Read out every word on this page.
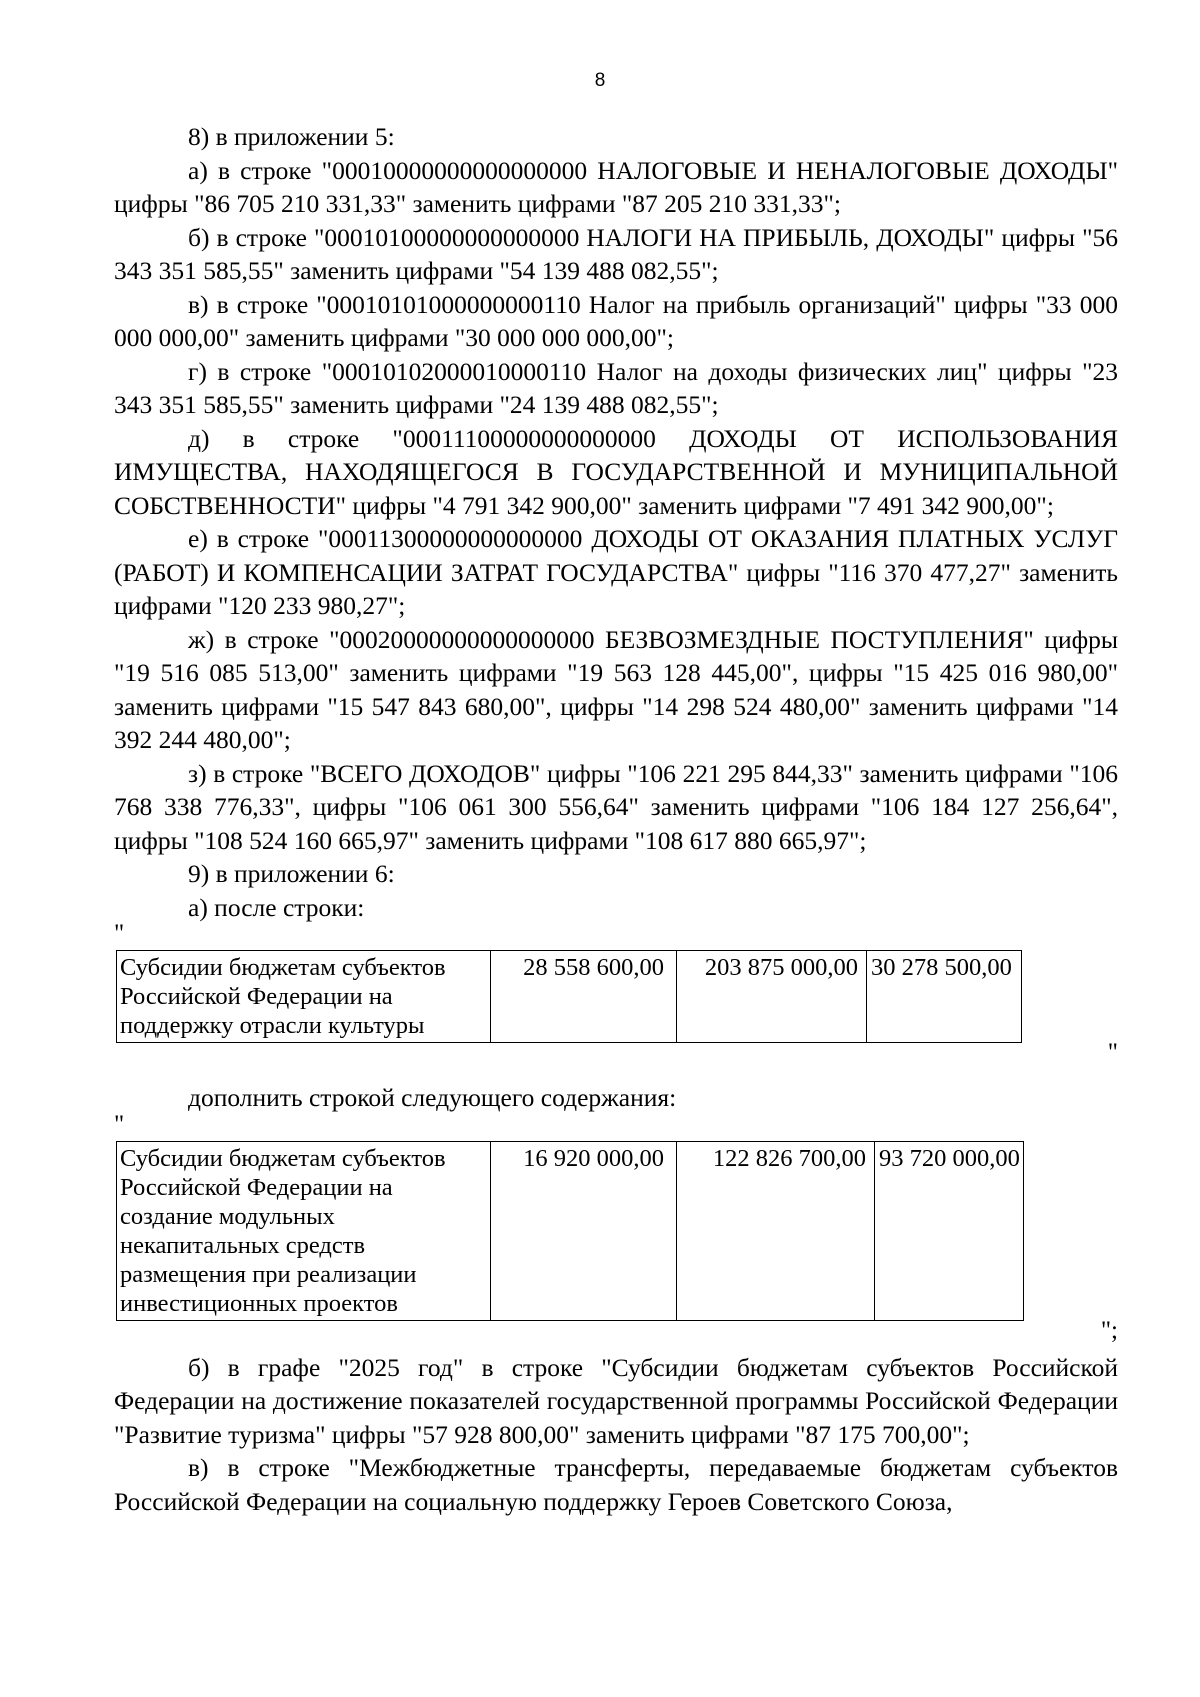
8

8) в приложении 5:

а) в строке "00010000000000000000 НАЛОГОВЫЕ И НЕНАЛОГОВЫЕ ДОХОДЫ" цифры "86 705 210 331,33" заменить цифрами "87 205 210 331,33";

б) в строке "00010100000000000000 НАЛОГИ НА ПРИБЫЛЬ, ДОХОДЫ" цифры "56 343 351 585,55" заменить цифрами "54 139 488 082,55";

в) в строке "00010101000000000110 Налог на прибыль организаций" цифры "33 000 000 000,00" заменить цифрами "30 000 000 000,00";

г) в строке "00010102000010000110 Налог на доходы физических лиц" цифры "23 343 351 585,55" заменить цифрами "24 139 488 082,55";

д) в строке "00011100000000000000 ДОХОДЫ ОТ ИСПОЛЬЗОВАНИЯ ИМУЩЕСТВА, НАХОДЯЩЕГОСЯ В ГОСУДАРСТВЕННОЙ И МУНИЦИПАЛЬНОЙ СОБСТВЕННОСТИ" цифры "4 791 342 900,00" заменить цифрами "7 491 342 900,00";

е) в строке "00011300000000000000 ДОХОДЫ ОТ ОКАЗАНИЯ ПЛАТНЫХ УСЛУГ (РАБОТ) И КОМПЕНСАЦИИ ЗАТРАТ ГОСУДАРСТВА" цифры "116 370 477,27" заменить цифрами "120 233 980,27";

ж) в строке "00020000000000000000 БЕЗВОЗМЕЗДНЫЕ ПОСТУПЛЕНИЯ" цифры "19 516 085 513,00" заменить цифрами "19 563 128 445,00", цифры "15 425 016 980,00" заменить цифрами "15 547 843 680,00", цифры "14 298 524 480,00" заменить цифрами "14 392 244 480,00";

з) в строке "ВСЕГО ДОХОДОВ" цифры "106 221 295 844,33" заменить цифрами "106 768 338 776,33", цифры "106 061 300 556,64" заменить цифрами "106 184 127 256,64", цифры "108 524 160 665,97" заменить цифрами "108 617 880 665,97";

9) в приложении 6:

а) после строки:

"

Субсидии бюджетам субъектов Российской Федерации на поддержку отрасли культуры	28 558 600,00	203 875 000,00	30 278 500,00

"

дополнить строкой следующего содержания:

"

Субсидии бюджетам субъектов Российской Федерации на создание модульных некапитальных средств размещения при реализации инвестиционных проектов	16 920 000,00	122 826 700,00	93 720 000,00

";

б) в графе "2025 год" в строке "Субсидии бюджетам субъектов Российской Федерации на достижение показателей государственной программы Российской Федерации "Развитие туризма" цифры "57 928 800,00" заменить цифрами "87 175 700,00";

в) в строке "Межбюджетные трансферты, передаваемые бюджетам субъектов Российской Федерации на социальную поддержку Героев Советского Союза,
